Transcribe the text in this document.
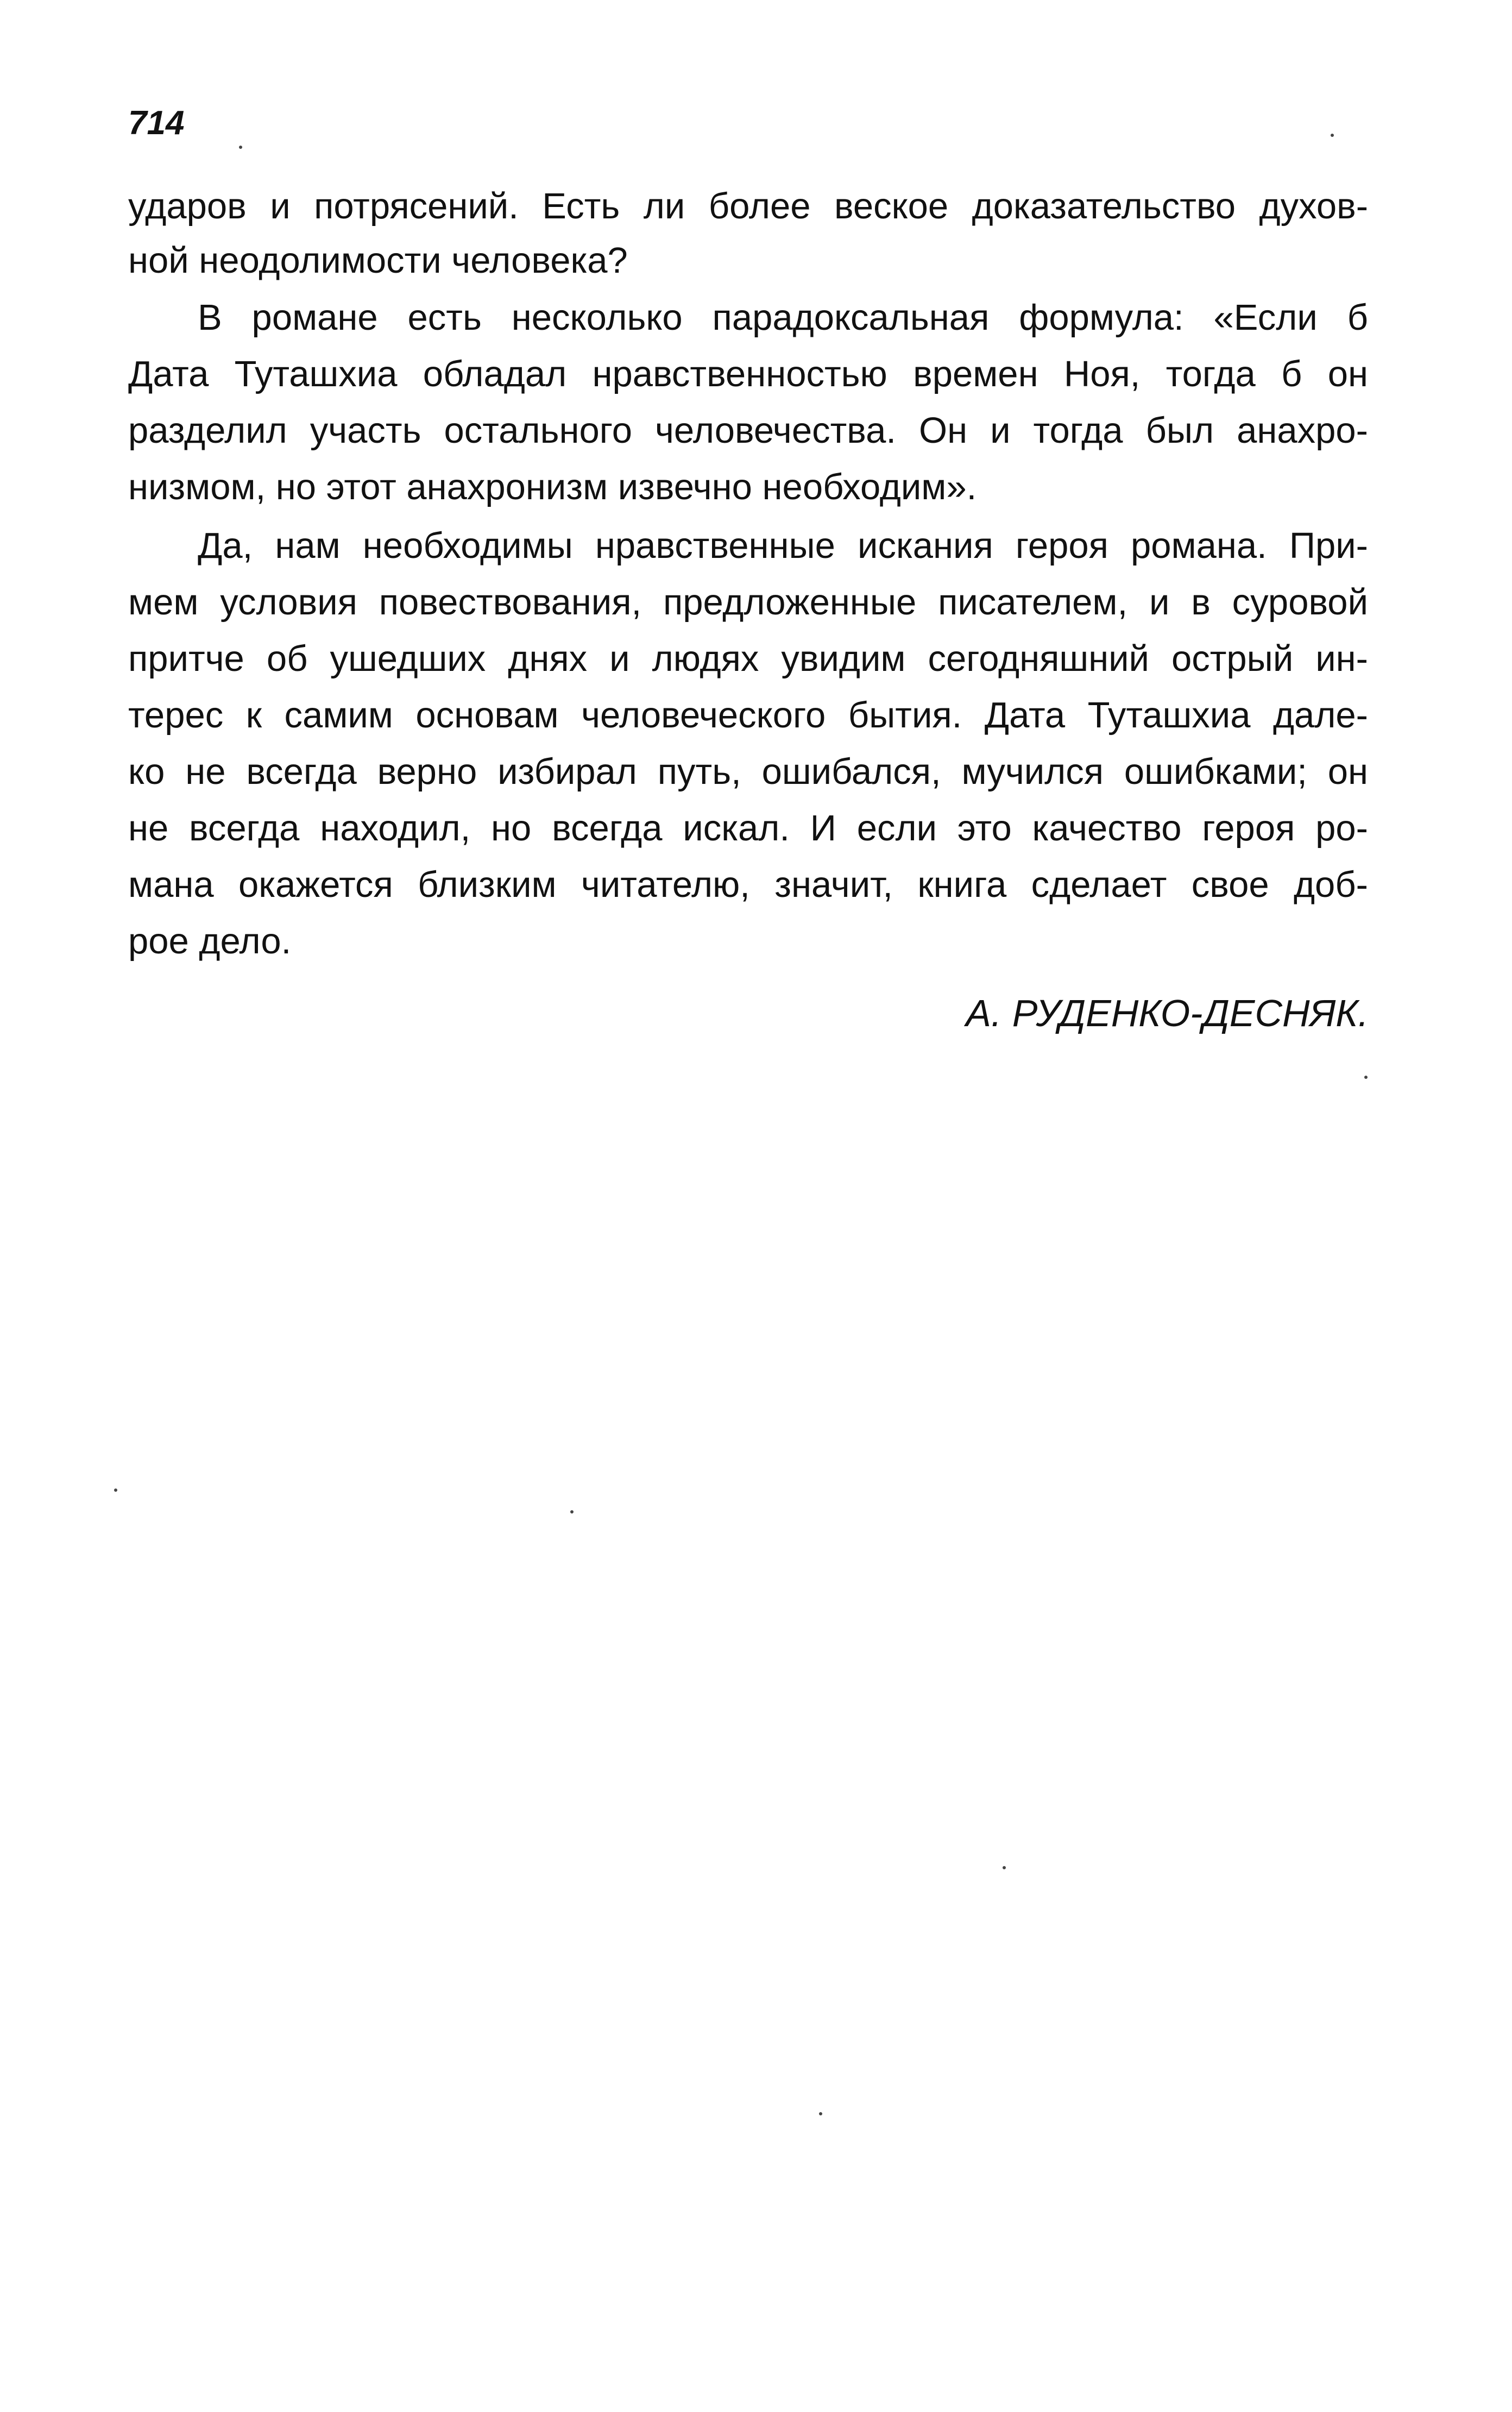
714
ударов и потрясений. Есть ли более веское доказательство духов-
ной неодолимости человека?
В романе есть несколько парадоксальная формула: «Если б
Дата Туташхиа обладал нравственностью времен Ноя, тогда б он
разделил участь остального человечества. Он и тогда был анахро-
низмом, но этот анахронизм извечно необходим».
Да, нам необходимы нравственные искания героя романа. При-
мем условия повествования, предложенные писателем, и в суровой
притче об ушедших днях и людях увидим сегодняшний острый ин-
терес к самим основам человеческого бытия. Дата Туташхиа дале-
ко не всегда верно избирал путь, ошибался, мучился ошибками; он
не всегда находил, но всегда искал. И если это качество героя ро-
мана окажется близким читателю, значит, книга сделает свое доб-
рое дело.
А. РУДЕНКО-ДЕСНЯК.
